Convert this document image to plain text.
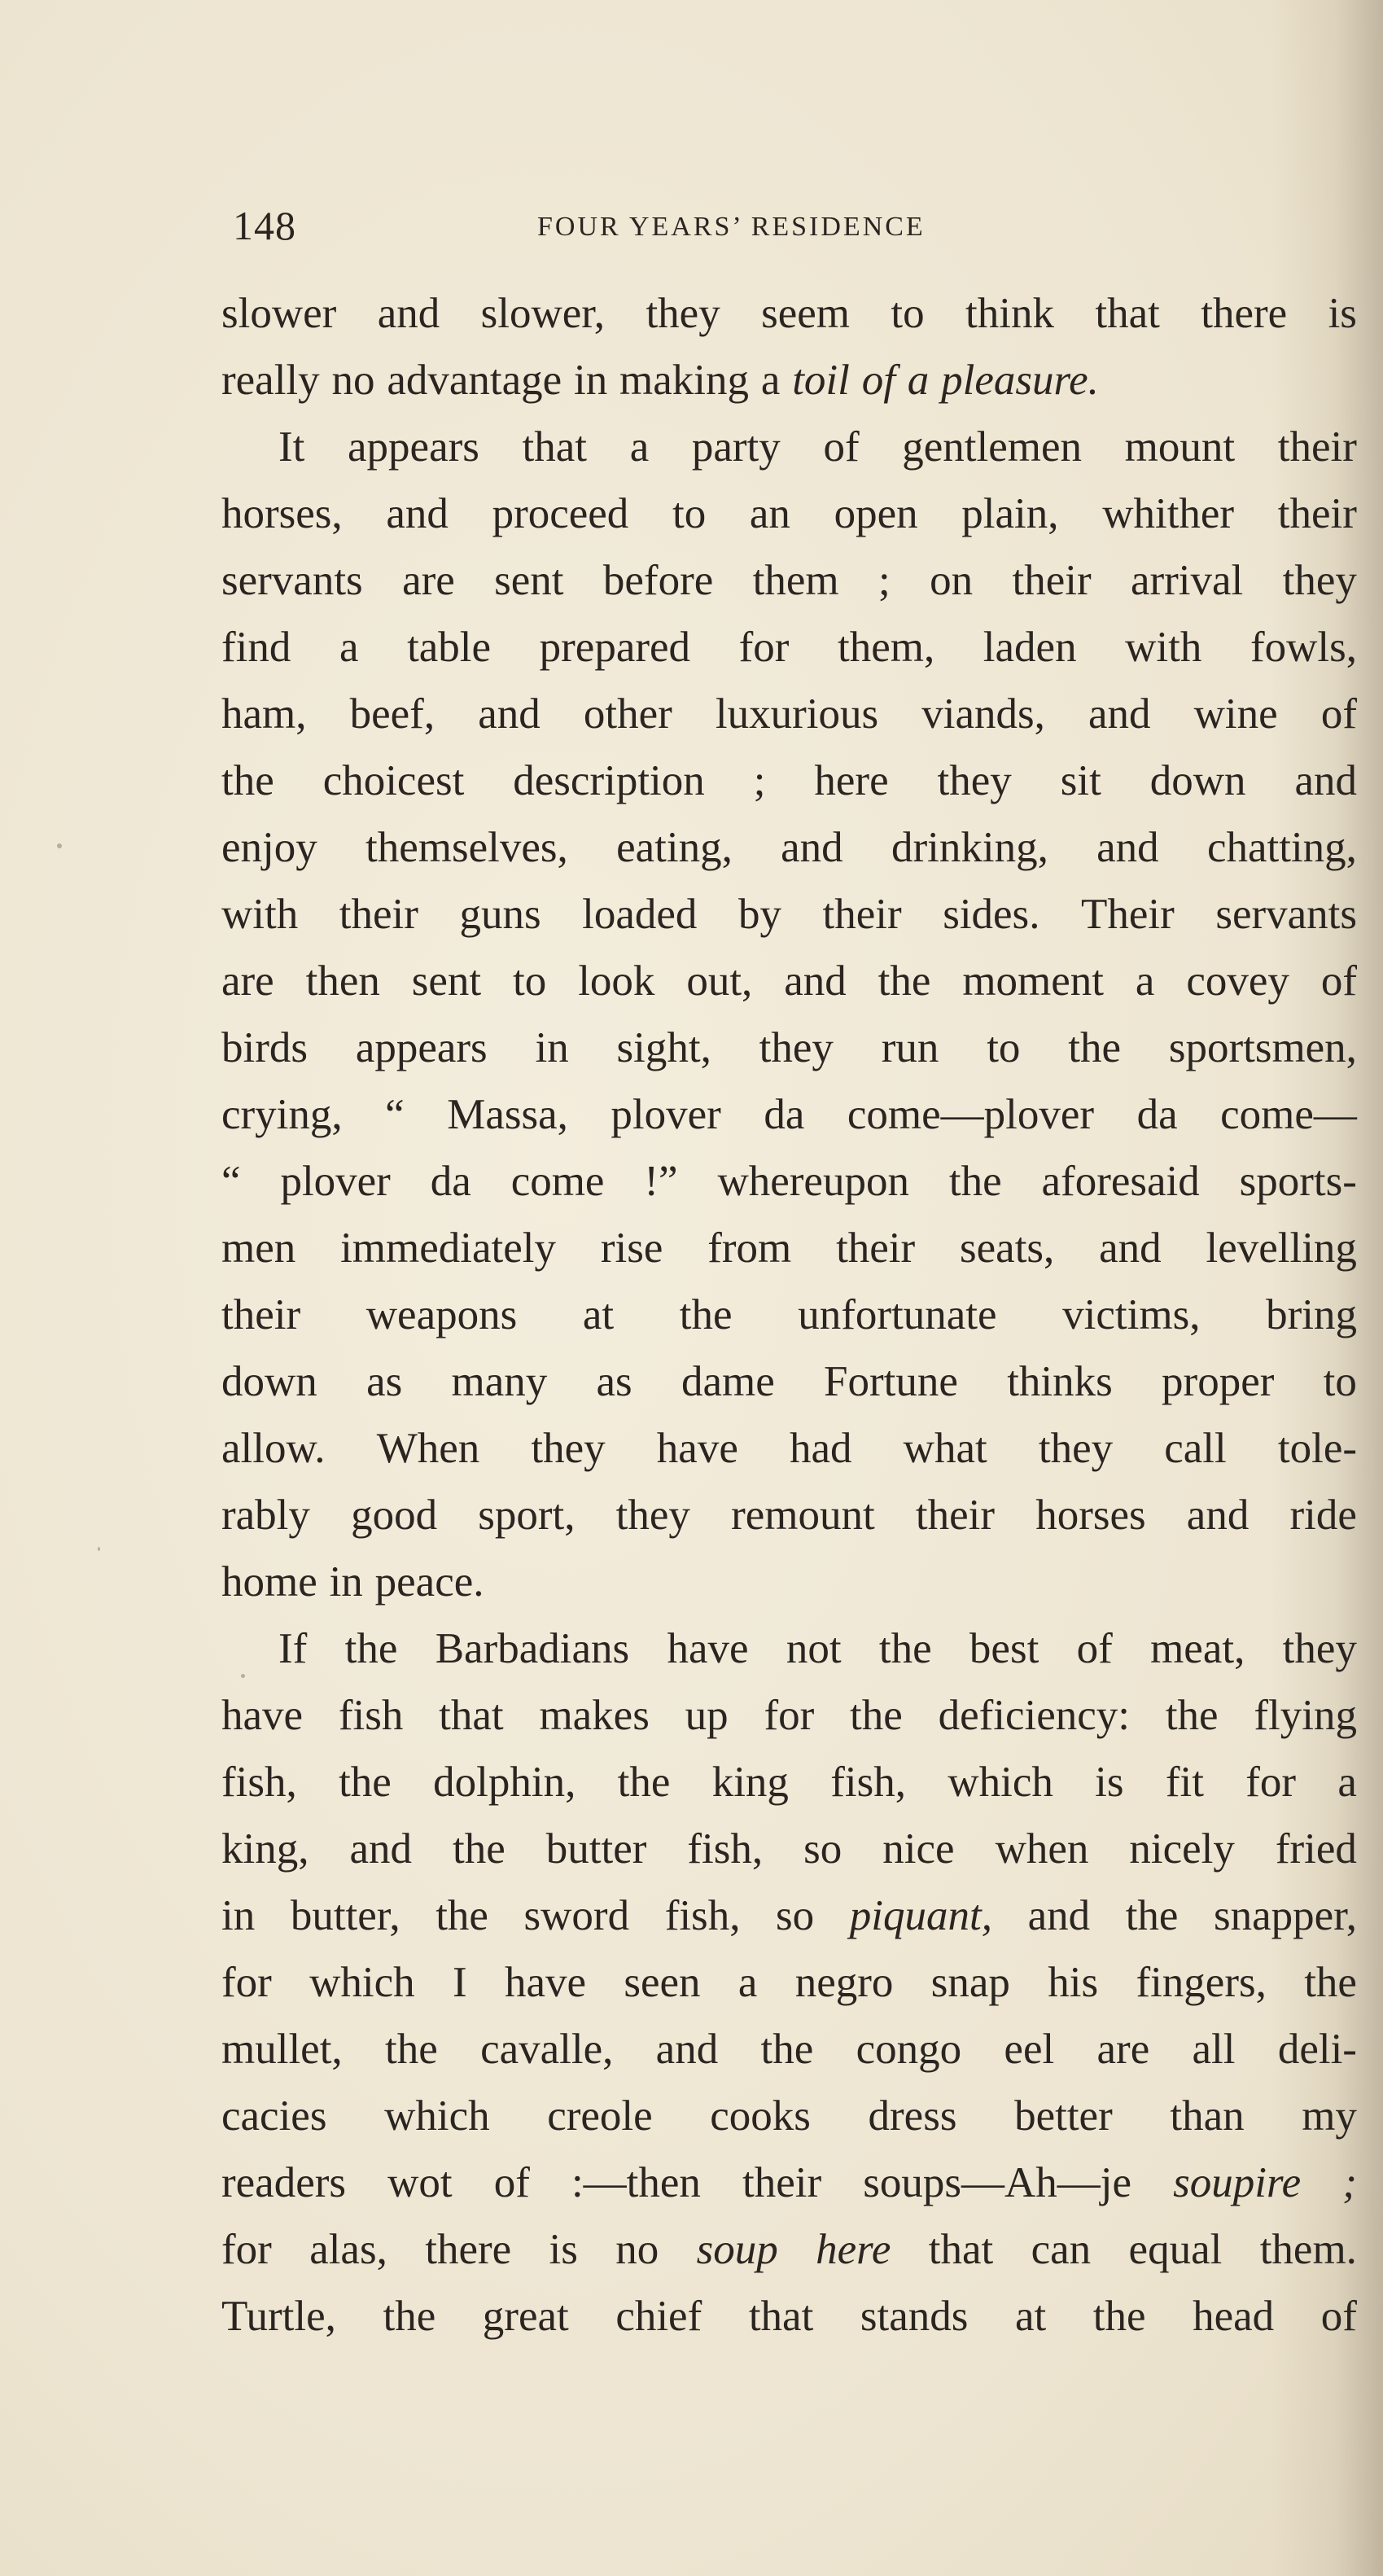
148	FOUR YEARS’ RESIDENCE
slower and slower, they seem to think that there is
really no advantage in making a toil of a pleasure.
It appears that a party of gentlemen mount their
horses, and proceed to an open plain, whither their
servants are sent before them ; on their arrival they
find a table prepared for them, laden with fowls,
ham, beef, and other luxurious viands, and wine of
the choicest description ; here they sit down and
enjoy themselves, eating, and drinking, and chatting,
with their guns loaded by their sides. Their servants
are then sent to look out, and the moment a covey of
birds appears in sight, they run to the sportsmen,
crying, “ Massa, plover da come—plover da come—
“ plover da come !” whereupon the aforesaid sports-
men immediately rise from their seats, and levelling
their weapons at the unfortunate victims, bring
down as many as dame Fortune thinks proper to
allow. When they have had what they call tole-
rably good sport, they remount their horses and ride
home in peace.
If the Barbadians have not the best of meat, they
have fish that makes up for the deficiency: the flying
fish, the dolphin, the king fish, which is fit for a
king, and the butter fish, so nice when nicely fried
in butter, the sword fish, so piquant, and the snapper,
for which I have seen a negro snap his fingers, the
mullet, the cavalle, and the congo eel are all deli-
cacies which creole cooks dress better than my
readers wot of :—then their soups—Ah—je soupire ;
for alas, there is no soup here that can equal them.
Turtle, the great chief that stands at the head of
